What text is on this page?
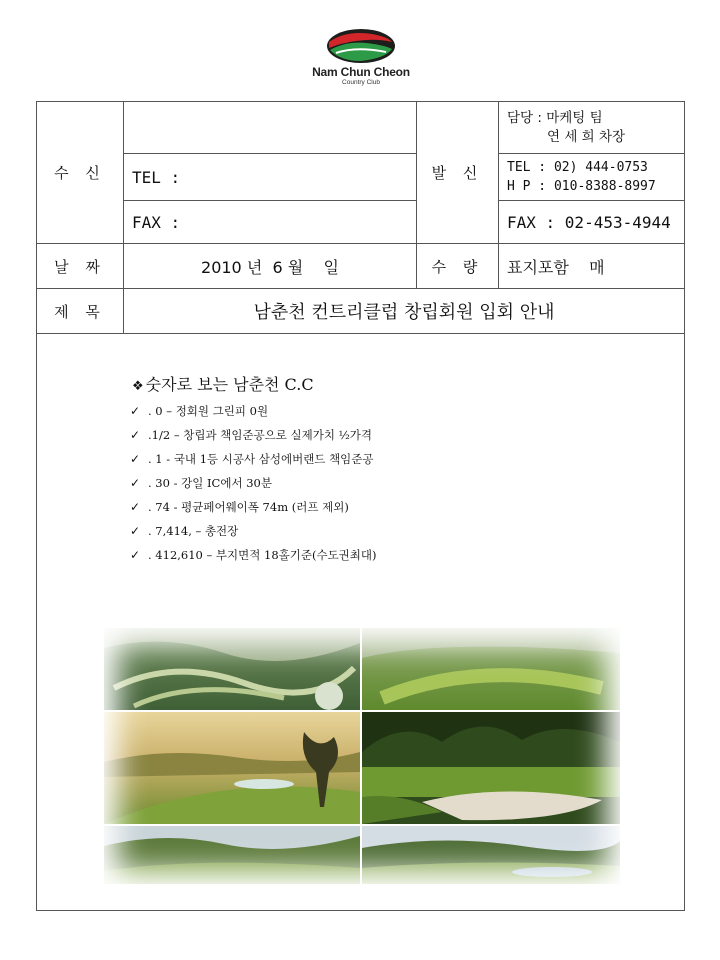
Nam Chun Cheon
Country Club
수 신		발 신	담당 : 마케팅 팀
연 세 희 차장

	TEL :		TEL : 02) 444-0753
H P : 010-8388-8997

	FAX :		FAX : 02-453-4944
날 짜	2010 년  6 월    일	수 량	표지포함    매
제 목	남춘천 컨트리클럽 창립회원 입회 안내		
❖ 숫자로 보는 남춘천 C.C
✓ . 0 – 정회원 그린피 0원
✓ .1/2 – 창립과 책임준공으로 실제가치 ½가격
✓ . 1 - 국내 1등 시공사 삼성에버랜드 책임준공
✓ . 30 - 강일 IC에서 30분
✓ . 74 - 평균페어웨이폭 74m (러프 제외)
✓ . 7,414, – 총전장
✓ . 412,610 – 부지면적 18홀기준(수도권최대)
